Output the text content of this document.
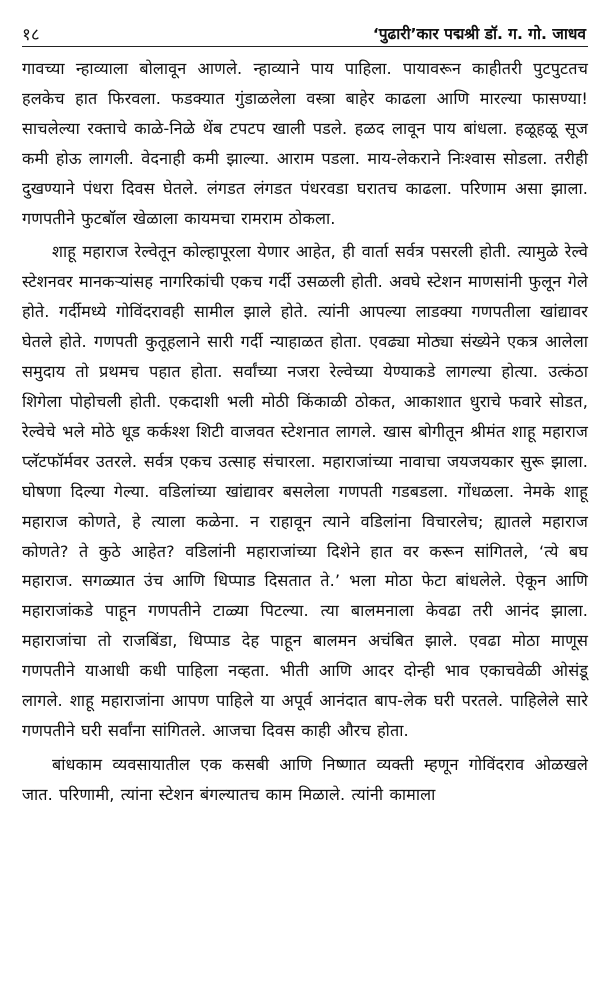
१८	‘पुढारी’कार पद्मश्री डॉ. ग. गो. जाधव

गावच्या न्हाव्याला बोलावून आणले. न्हाव्याने पाय पाहिला. पायावरून काहीतरी पुटपुटतच हलकेच हात फिरवला. फडक्यात गुंडाळलेला वस्त्रा बाहेर काढला आणि मारल्या फासण्या! साचलेल्या रक्ताचे काळे-निळे थेंब टपटप खाली पडले. हळद लावून पाय बांधला. हळूहळू सूज कमी होऊ लागली. वेदनाही कमी झाल्या. आराम पडला. माय-लेकराने निःश्वास सोडला. तरीही दुखण्याने पंधरा दिवस घेतले. लंगडत लंगडत पंधरवडा घरातच काढला. परिणाम असा झाला. गणपतीने फुटबॉल खेळाला कायमचा रामराम ठोकला.

शाहू महाराज रेल्वेतून कोल्हापूरला येणार आहेत, ही वार्ता सर्वत्र पसरली होती. त्यामुळे रेल्वे स्टेशनवर मानकऱ्यांसह नागरिकांची एकच गर्दी उसळली होती. अवघे स्टेशन माणसांनी फुलून गेले होते. गर्दीमध्ये गोविंदरावही सामील झाले होते. त्यांनी आपल्या लाडक्या गणपतीला खांद्यावर घेतले होते. गणपती कुतूहलाने सारी गर्दी न्याहाळत होता. एवढ्या मोठ्या संख्येने एकत्र आलेला समुदाय तो प्रथमच पहात होता. सर्वांच्या नजरा रेल्वेच्या येण्याकडे लागल्या होत्या. उत्कंठा शिगेला पोहोचली होती. एकदाशी भली मोठी किंकाळी ठोकत, आकाशात धुराचे फवारे सोडत, रेल्वेचे भले मोठे धूड कर्कश्श शिटी वाजवत स्टेशनात लागले. खास बोगीतून श्रीमंत शाहू महाराज प्लॅटफॉर्मवर उतरले. सर्वत्र एकच उत्साह संचारला. महाराजांच्या नावाचा जयजयकार सुरू झाला. घोषणा दिल्या गेल्या. वडिलांच्या खांद्यावर बसलेला गणपती गडबडला. गोंधळला. नेमके शाहू महाराज कोणते, हे त्याला कळेना. न राहावून त्याने वडिलांना विचारलेच; ह्यातले महाराज कोणते? ते कुठे आहेत? वडिलांनी महाराजांच्या दिशेने हात वर करून सांगितले, ‘त्ये बघ महाराज. सगळ्यात उंच आणि धिप्पाड दिसतात ते.’ भला मोठा फेटा बांधलेले. ऐकून आणि महाराजांकडे पाहून गणपतीने टाळ्या पिटल्या. त्या बालमनाला केवढा तरी आनंद झाला. महाराजांचा तो राजबिंडा, धिप्पाड देह पाहून बालमन अचंबित झाले. एवढा मोठा माणूस गणपतीने याआधी कधी पाहिला नव्हता. भीती आणि आदर दोन्ही भाव एकाचवेळी ओसंडू लागले. शाहू महाराजांना आपण पाहिले या अपूर्व आनंदात बाप-लेक घरी परतले. पाहिलेले सारे गणपतीने घरी सर्वांना सांगितले. आजचा दिवस काही औरच होता.

बांधकाम व्यवसायातील एक कसबी आणि निष्णात व्यक्ती म्हणून गोविंदराव ओळखले जात. परिणामी, त्यांना स्टेशन बंगल्यातच काम मिळाले. त्यांनी कामाला
